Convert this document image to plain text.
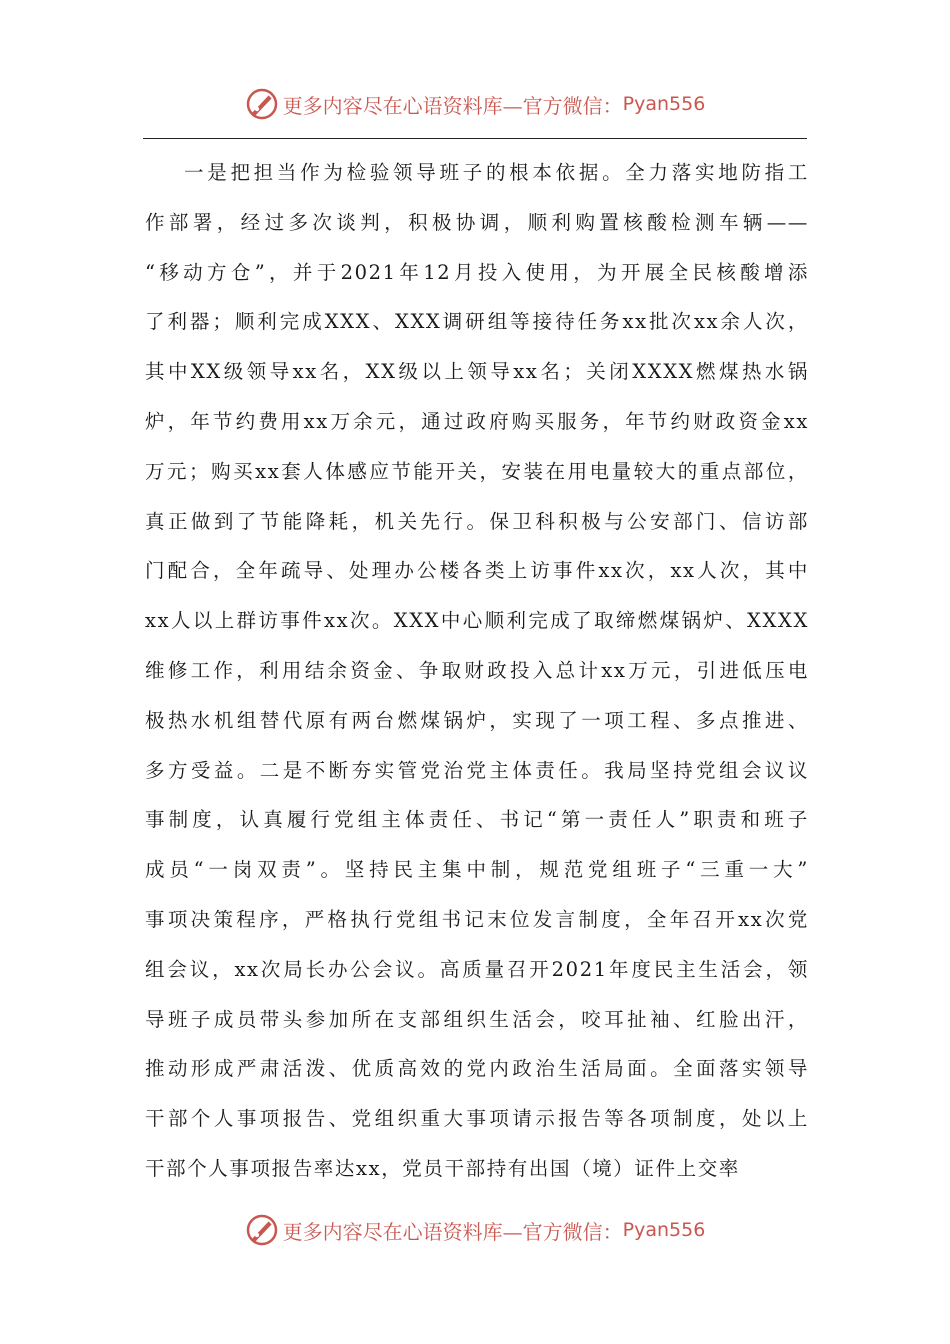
更多内容尽在心语资料库—官方微信： Pyan556
一是把担当作为检验领导班子的根本依据。全力落实地防指工
作部署，经过多次谈判，积极协调，顺利购置核酸检测车辆——
“移动方仓”，并于2021年12月投入使用，为开展全民核酸增添
了利器；顺利完成XXX、XXX调研组等接待任务xx批次xx余人次，
其中XX级领导xx名，XX级以上领导xx名；关闭XXXX燃煤热水锅
炉，年节约费用xx万余元，通过政府购买服务，年节约财政资金xx
万元；购买xx套人体感应节能开关，安装在用电量较大的重点部位，
真正做到了节能降耗，机关先行。保卫科积极与公安部门、信访部
门配合，全年疏导、处理办公楼各类上访事件xx次，xx人次，其中
xx人以上群访事件xx次。XXX中心顺利完成了取缔燃煤锅炉、XXXX
维修工作，利用结余资金、争取财政投入总计xx万元，引进低压电
极热水机组替代原有两台燃煤锅炉，实现了一项工程、多点推进、
多方受益。二是不断夯实管党治党主体责任。我局坚持党组会议议
事制度，认真履行党组主体责任、书记“第一责任人”职责和班子
成员“一岗双责”。坚持民主集中制，规范党组班子“三重一大”
事项决策程序，严格执行党组书记末位发言制度，全年召开xx次党
组会议，xx次局长办公会议。高质量召开2021年度民主生活会，领
导班子成员带头参加所在支部组织生活会，咬耳扯袖、红脸出汗，
推动形成严肃活泼、优质高效的党内政治生活局面。全面落实领导
干部个人事项报告、党组织重大事项请示报告等各项制度，处以上
干部个人事项报告率达xx，党员干部持有出国（境）证件上交率
更多内容尽在心语资料库—官方微信： Pyan556
